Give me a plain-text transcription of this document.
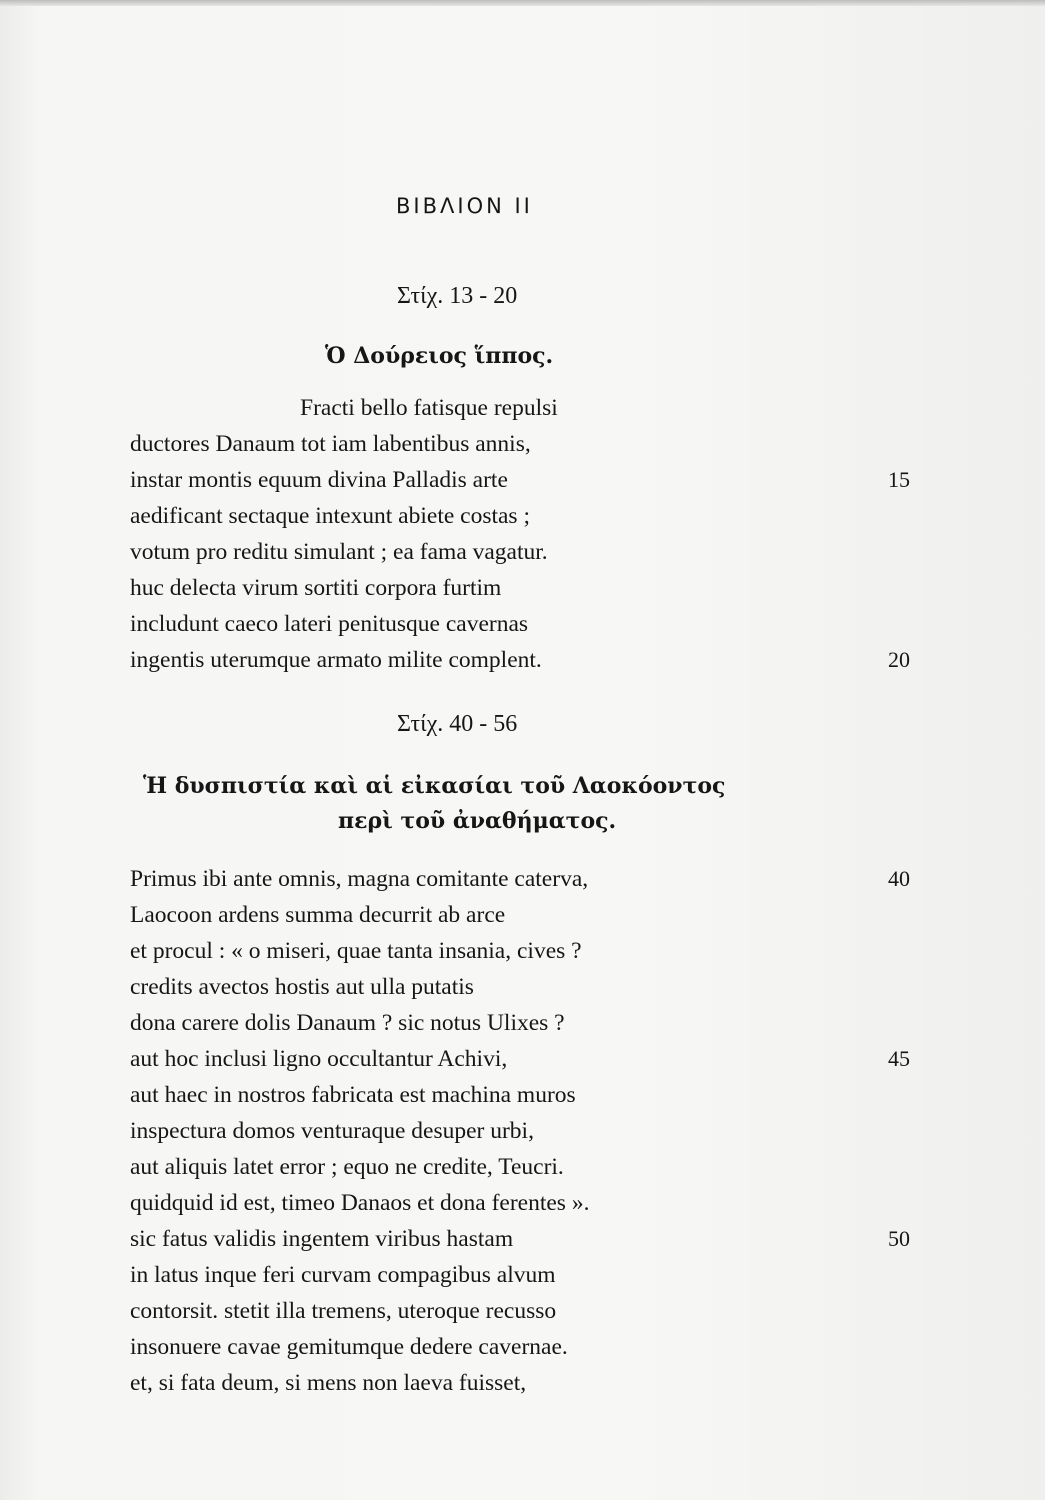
ΒΙΒΛΙΟΝ ΙΙ
Στίχ. 13 - 20
Ὁ Δούρειος ἵππος.
Fracti bello fatisque repulsi
ductores Danaum tot iam labentibus annis,
instar montis equum divina Palladis arte	15
aedificant sectaque intexunt abiete costas ;
votum pro reditu simulant ; ea fama vagatur.
huc delecta virum sortiti corpora furtim
includunt caeco lateri penitusque cavernas
ingentis uterumque armato milite complent.	20
Στίχ. 40 - 56
Ἡ δυσπιστία καὶ αἱ εἰκασίαι τοῦ Λαοκόοντος
περὶ τοῦ ἀναθήματος.
Primus ibi ante omnis, magna comitante caterva,	40
Laocoon ardens summa decurrit ab arce
et procul : « o miseri, quae tanta insania, cives ?
credits avectos hostis aut ulla putatis
dona carere dolis Danaum ? sic notus Ulixes ?
aut hoc inclusi ligno occultantur Achivi,	45
aut haec in nostros fabricata est machina muros
inspectura domos venturaque desuper urbi,
aut aliquis latet error ; equo ne credite, Teucri.
quidquid id est, timeo Danaos et dona ferentes ».
sic fatus validis ingentem viribus hastam	50
in latus inque feri curvam compagibus alvum
contorsit. stetit illa tremens, uteroque recusso
insonuere cavae gemitumque dedere cavernae.
et, si fata deum, si mens non laeva fuisset,
